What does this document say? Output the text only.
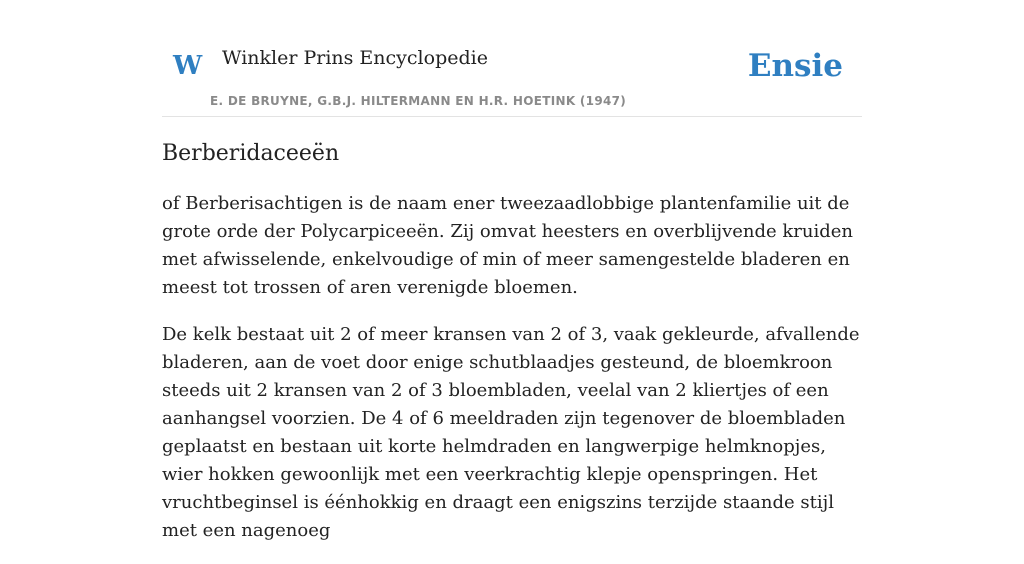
W Winkler Prins Encyclopedie
E. DE BRUYNE, G.B.J. HILTERMANN EN H.R. HOETINK (1947)
Ensie
Berberidaceeën

of Berberisachtigen is de naam ener tweezaadlobbige plantenfamilie uit de grote orde der Polycarpiceeën. Zij omvat heesters en overblijvende kruiden met afwisselende, enkelvoudige of min of meer samengestelde bladeren en meest tot trossen of aren verenigde bloemen.

De kelk bestaat uit 2 of meer kransen van 2 of 3, vaak gekleurde, afvallende bladeren, aan de voet door enige schutblaadjes gesteund, de bloemkroon steeds uit 2 kransen van 2 of 3 bloembladen, veelal van 2 kliertjes of een aanhangsel voorzien. De 4 of 6 meeldraden zijn tegenover de bloembladen geplaatst en bestaan uit korte helmdraden en langwerpige helmknopjes, wier hokken gewoonlijk met een veerkrachtig klepje openspringen. Het vruchtbeginsel is éénhokkig en draagt een enigszins terzijde staande stijl met een nagenoeg
